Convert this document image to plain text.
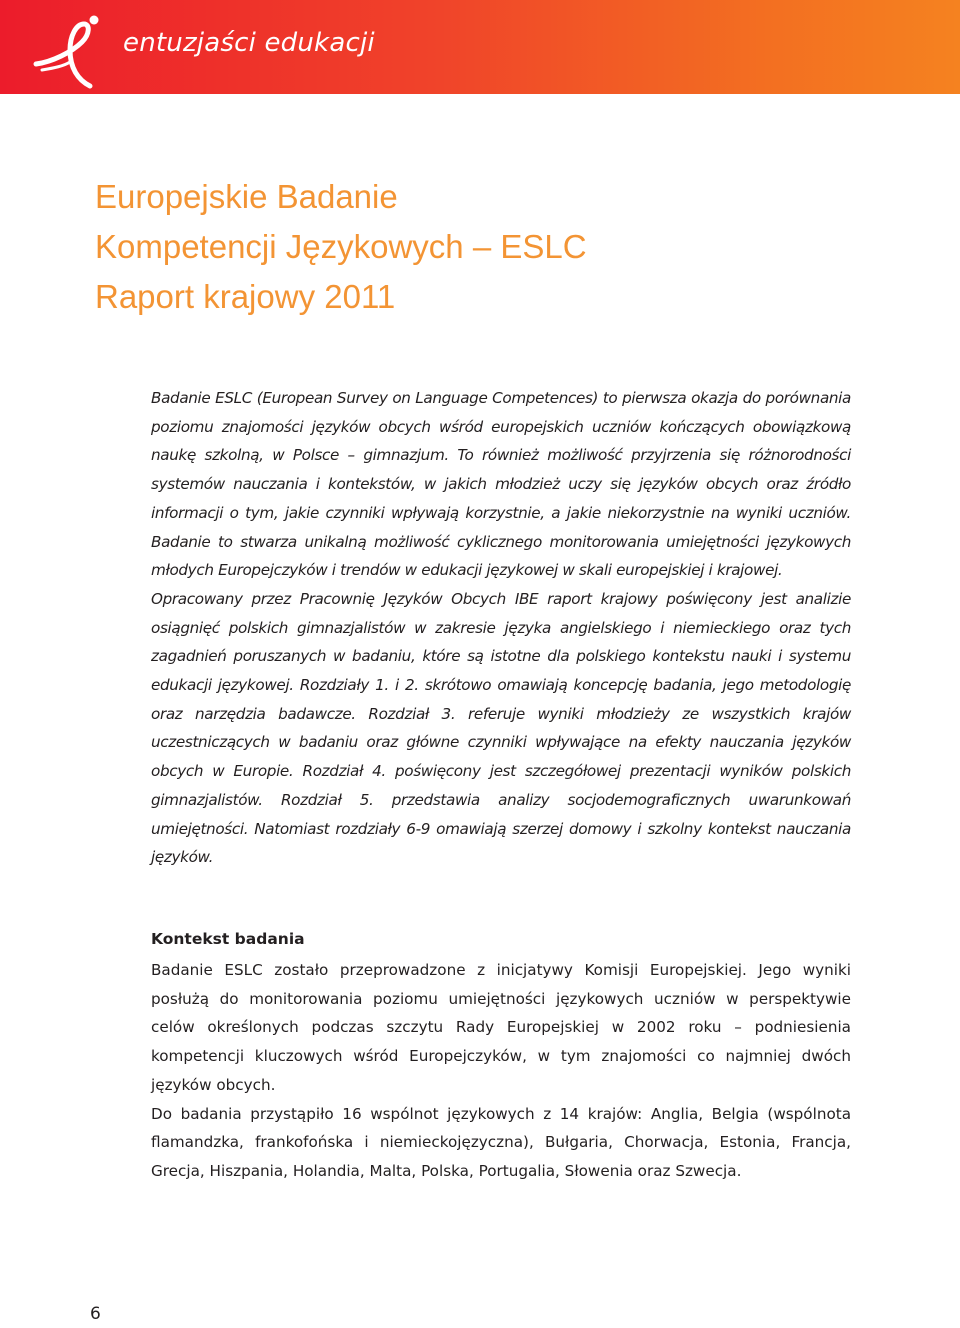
entuzjaści edukacji
Europejskie Badanie
Kompetencji Językowych – ESLC
Raport krajowy 2011

Badanie ESLC (European Survey on Language Competences) to pierwsza okazja do porównania poziomu znajomości języków obcych wśród europejskich uczniów kończących obowiązkową naukę szkolną, w Polsce – gimnazjum. To również możliwość przyjrzenia się różnorodności systemów nauczania i kontekstów, w jakich młodzież uczy się języków obcych oraz źródło informacji o tym, jakie czynniki wpływają korzystnie, a jakie niekorzystnie na wyniki uczniów. Badanie to stwarza unikalną możliwość cyklicznego monitorowania umiejętności językowych młodych Europejczyków i trendów w edukacji językowej w skali europejskiej i krajowej.

Opracowany przez Pracownię Języków Obcych IBE raport krajowy poświęcony jest analizie osiągnięć polskich gimnazjalistów w zakresie języka angielskiego i niemieckiego oraz tych zagadnień poruszanych w badaniu, które są istotne dla polskiego kontekstu nauki i systemu edukacji językowej. Rozdziały 1. i 2. skrótowo omawiają koncepcję badania, jego metodologię oraz narzędzia badawcze. Rozdział 3. referuje wyniki młodzieży ze wszystkich krajów uczestniczących w badaniu oraz główne czynniki wpływające na efekty nauczania języków obcych w Europie. Rozdział 4. poświęcony jest szczegółowej prezentacji wyników polskich gimnazjalistów. Rozdział 5. przedstawia analizy socjodemograficznych uwarunkowań umiejętności. Natomiast rozdziały 6-9 omawiają szerzej domowy i szkolny kontekst nauczania języków.

Kontekst badania

Badanie ESLC zostało przeprowadzone z inicjatywy Komisji Europejskiej. Jego wyniki posłużą do monitorowania poziomu umiejętności językowych uczniów w perspektywie celów określonych podczas szczytu Rady Europejskiej w 2002 roku – podniesienia kompetencji kluczowych wśród Europejczyków, w tym znajomości co najmniej dwóch języków obcych.

Do badania przystąpiło 16 wspólnot językowych z 14 krajów: Anglia, Belgia (wspólnota flamandzka, frankofońska i niemieckojęzyczna), Bułgaria, Chorwacja, Estonia, Francja, Grecja, Hiszpania, Holandia, Malta, Polska, Portugalia, Słowenia oraz Szwecja.

6
